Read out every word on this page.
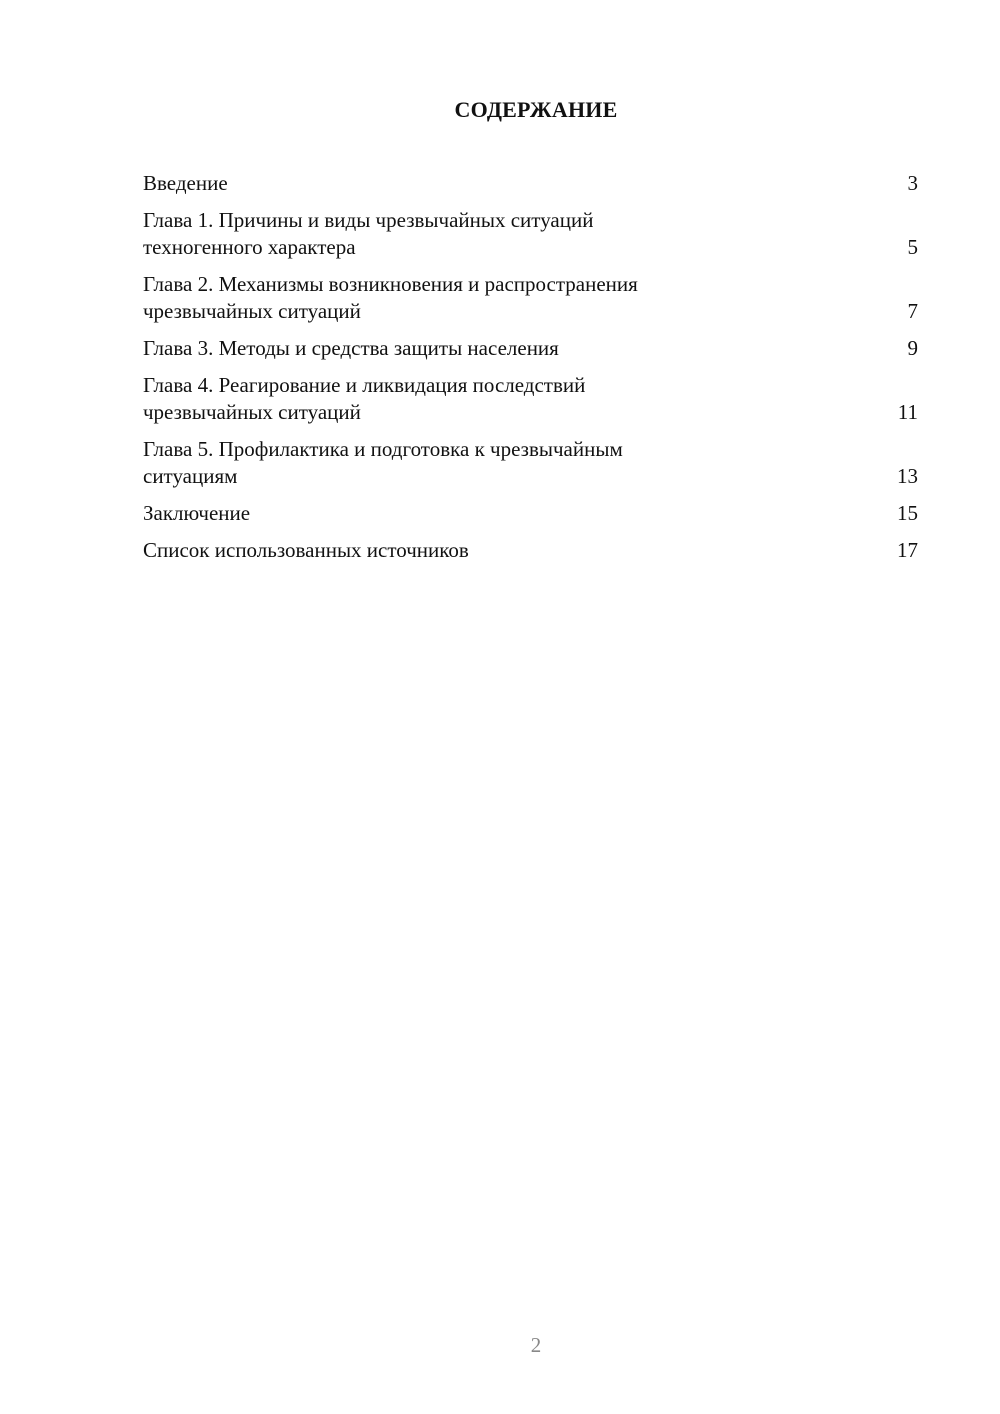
СОДЕРЖАНИЕ
Введение	3
Глава 1. Причины и виды чрезвычайных ситуаций
техногенного характера	5
Глава 2. Механизмы возникновения и распространения
чрезвычайных ситуаций	7
Глава 3. Методы и средства защиты населения	9
Глава 4. Реагирование и ликвидация последствий
чрезвычайных ситуаций	11
Глава 5. Профилактика и подготовка к чрезвычайным
ситуациям	13
Заключение	15
Список использованных источников	17
2
